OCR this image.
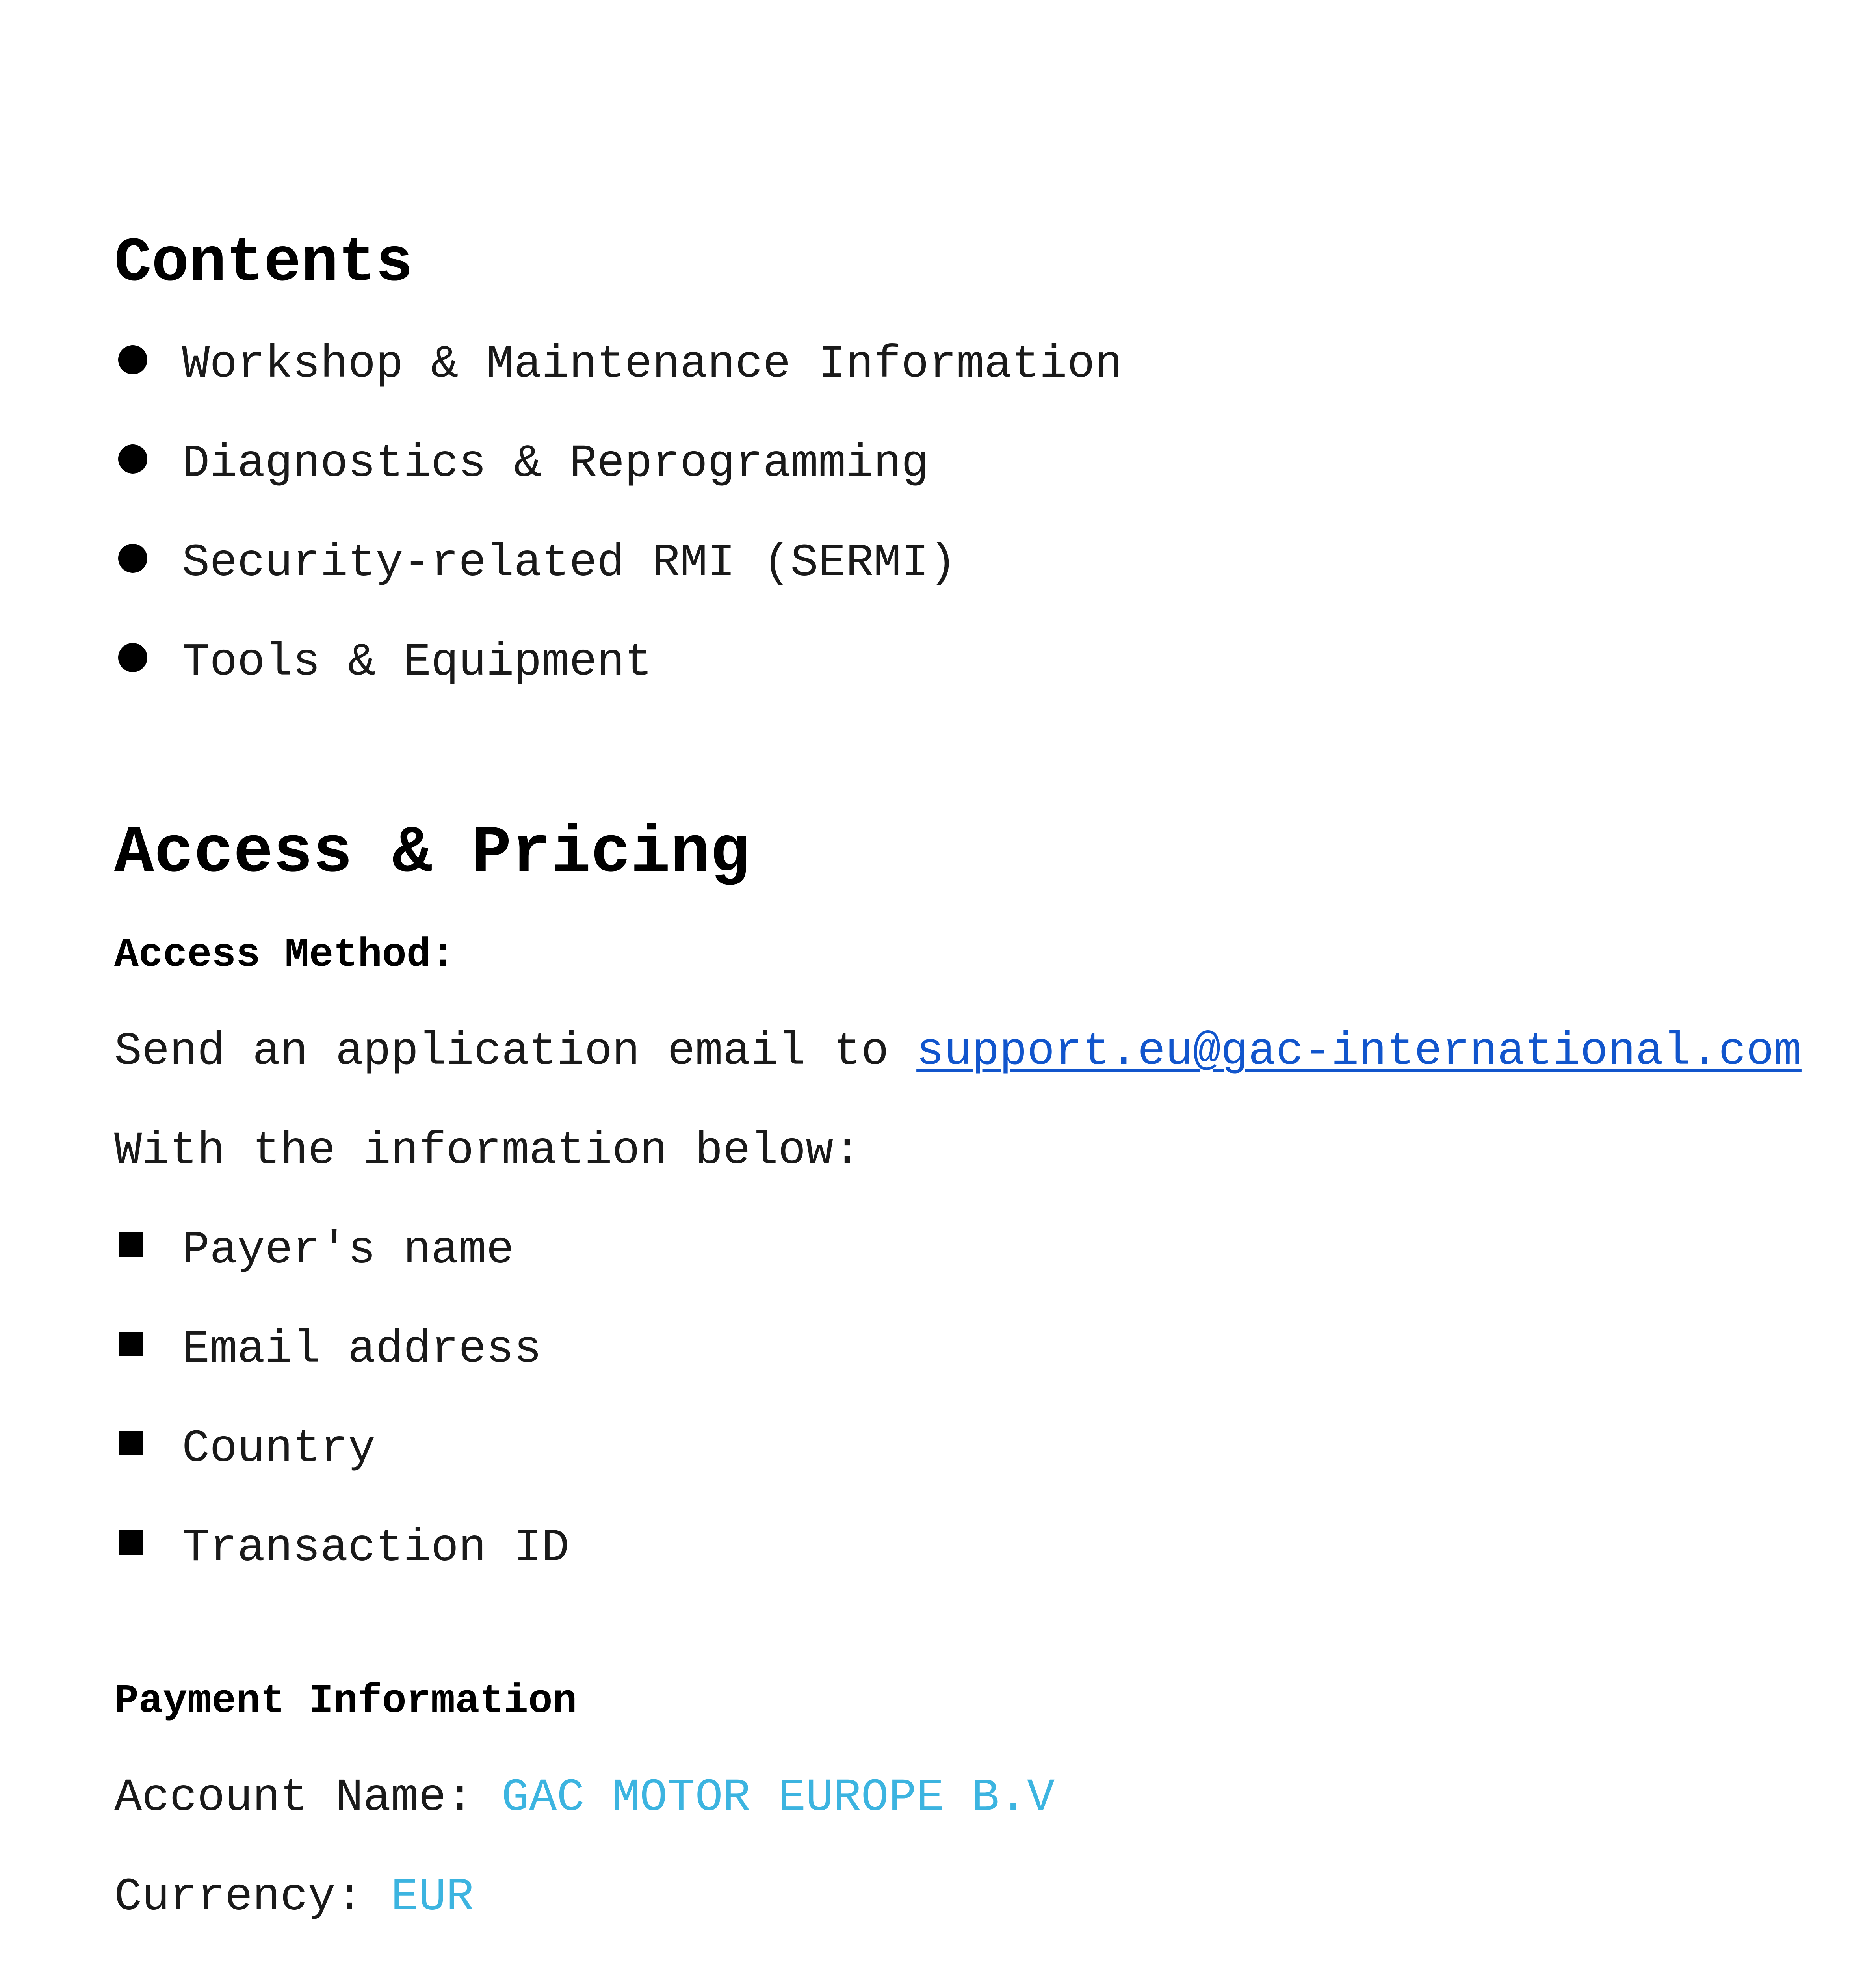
Contents
Workshop & Maintenance Information
Diagnostics & Reprogramming
Security-related RMI (SERMI)
Tools & Equipment
Access & Pricing
Access Method:
Send an application email to support.eu@gac-international.com
With the information below:
Payer's name
Email address
Country
Transaction ID
Payment Information
Account Name: GAC MOTOR EUROPE B.V
Currency: EUR
